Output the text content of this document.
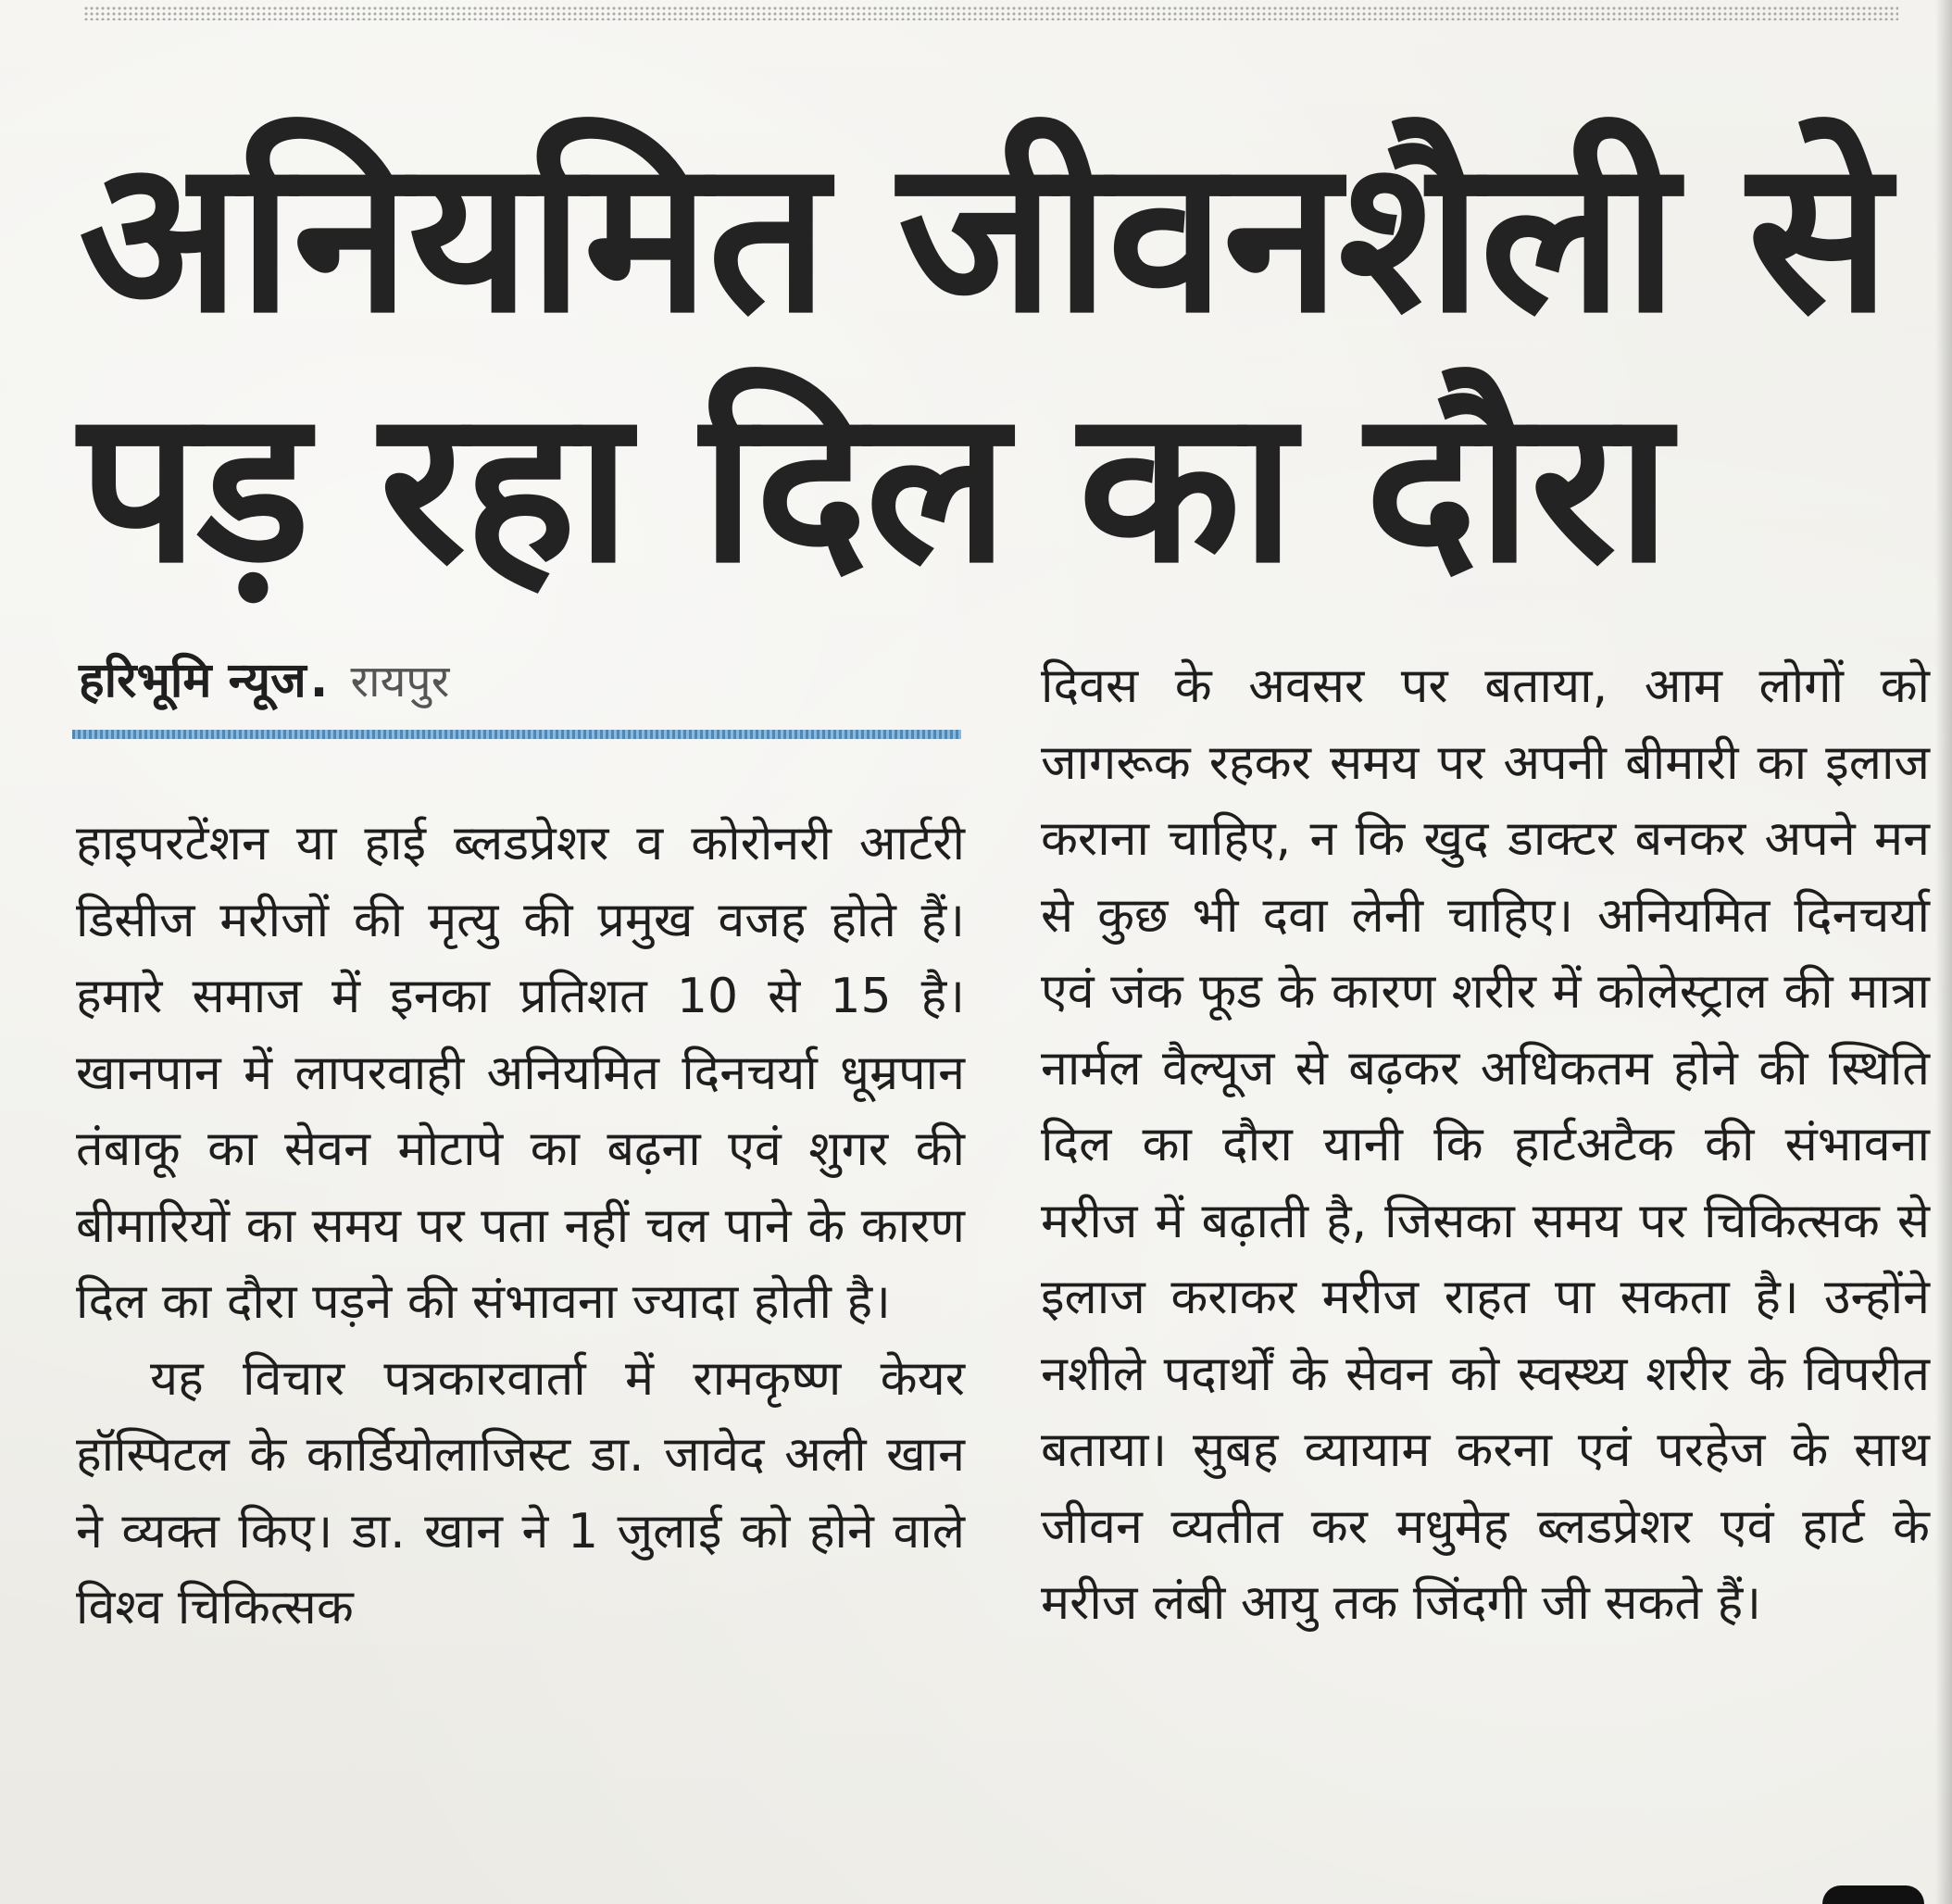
अनियमित जीवनशैली से
पड़ रहा दिल का दौरा
हरिभूमि न्यूज. रायपुर

हाइपरटेंशन या हाई ब्लडप्रेशर व कोरोनरी आर्टरी डिसीज मरीजों की मृत्यु की प्रमुख वजह होते हैं। हमारे समाज में इनका प्रतिशत 10 से 15 है। खानपान में लापरवाही अनियमित दिनचर्या धूम्रपान तंबाकू का सेवन मोटापे का बढ़ना एवं शुगर की बीमारियों का समय पर पता नहीं चल पाने के कारण दिल का दौरा पड़ने की संभावना ज्यादा होती है।

यह विचार पत्रकारवार्ता में रामकृष्ण केयर हॉस्पिटल के कार्डियोलाजिस्ट डा. जावेद अली खान ने व्यक्त किए। डा. खान ने 1 जुलाई को होने वाले विश्व चिकित्सक

दिवस के अवसर पर बताया, आम लोगों को जागरूक रहकर समय पर अपनी बीमारी का इलाज कराना चाहिए, न कि खुद डाक्टर बनकर अपने मन से कुछ भी दवा लेनी चाहिए। अनियमित दिनचर्या एवं जंक फूड के कारण शरीर में कोलेस्ट्राल की मात्रा नार्मल वैल्यूज से बढ़कर अधिकतम होने की स्थिति दिल का दौरा यानी कि हार्टअटैक की संभावना मरीज में बढ़ाती है, जिसका समय पर चिकित्सक से इलाज कराकर मरीज राहत पा सकता है। उन्होंने नशीले पदार्थों के सेवन को स्वस्थ्य शरीर के विपरीत बताया। सुबह व्यायाम करना एवं परहेज के साथ जीवन व्यतीत कर मधुमेह ब्लडप्रेशर एवं हार्ट के मरीज लंबी आयु तक जिंदगी जी सकते हैं।
